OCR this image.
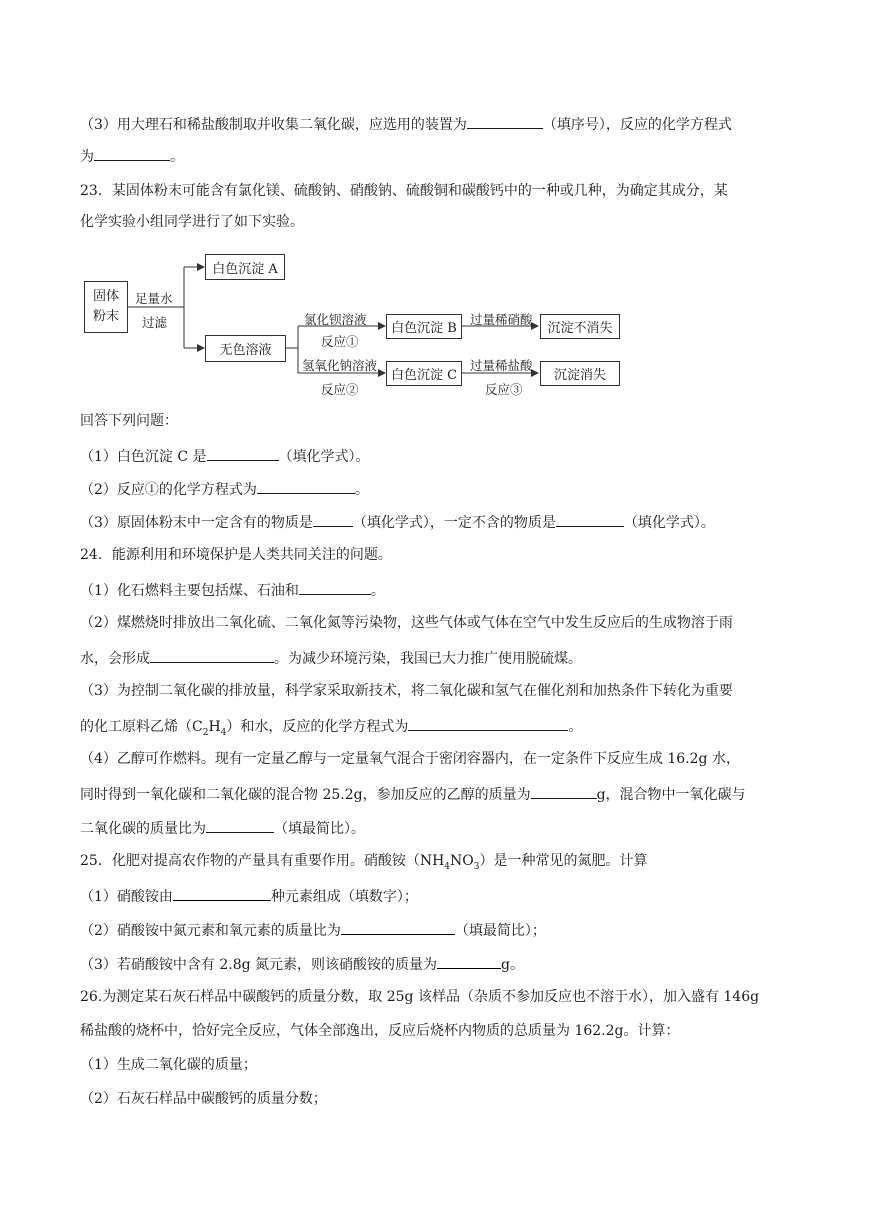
（3）用大理石和稀盐酸制取并收集二氧化碳，应选用的装置为	（填序号），反应的化学方程式
为	。
23．某固体粉末可能含有氯化镁、硫酸钠、硝酸钠、硫酸铜和碳酸钙中的一种或几种，为确定其成分，某
化学实验小组同学进行了如下实验。
固体
粉末
足量水
过滤
白色沉淀 A
无色溶液
氯化钡溶液
反应①
氢氧化钠溶液
反应②
白色沉淀 B
白色沉淀 C
过量稀硝酸
过量稀盐酸
反应③
沉淀不消失
沉淀消失
回答下列问题：
（1）白色沉淀 C 是	（填化学式）。
（2）反应①的化学方程式为	。
（3）原固体粉末中一定含有的物质是	（填化学式），一定不含的物质是	（填化学式）。
24．能源利用和环境保护是人类共同关注的问题。
（1）化石燃料主要包括煤、石油和	。
（2）煤燃烧时排放出二氧化硫、二氧化氮等污染物，这些气体或气体在空气中发生反应后的生成物溶于雨
水，会形成	。为减少环境污染，我国已大力推广使用脱硫煤。
（3）为控制二氧化碳的排放量，科学家采取新技术，将二氧化碳和氢气在催化剂和加热条件下转化为重要
的化工原料乙烯$(C_2H_4)$和水，反应的化学方程式为	。
（4）乙醇可作燃料。现有一定量乙醇与一定量氧气混合于密闭容器内，在一定条件下反应生成 16.2g 水，
同时得到一氧化碳和二氧化碳的混合物 25.2g，参加反应的乙醇的质量为	g，混合物中一氧化碳与
二氧化碳的质量比为	（填最简比）。
25．化肥对提高农作物的产量具有重要作用。硝酸铵$(NH_4NO_3)$是一种常见的氮肥。计算
（1）硝酸铵由	种元素组成（填数字）；
（2）硝酸铵中氮元素和氧元素的质量比为	（填最简比）；
（3）若硝酸铵中含有 2.8g 氮元素，则该硝酸铵的质量为	g。
26.为测定某石灰石样品中碳酸钙的质量分数，取 25g 该样品（杂质不参加反应也不溶于水），加入盛有 146g
稀盐酸的烧杯中，恰好完全反应，气体全部逸出，反应后烧杯内物质的总质量为 162.2g。计算：
（1）生成二氧化碳的质量；
（2）石灰石样品中碳酸钙的质量分数；
